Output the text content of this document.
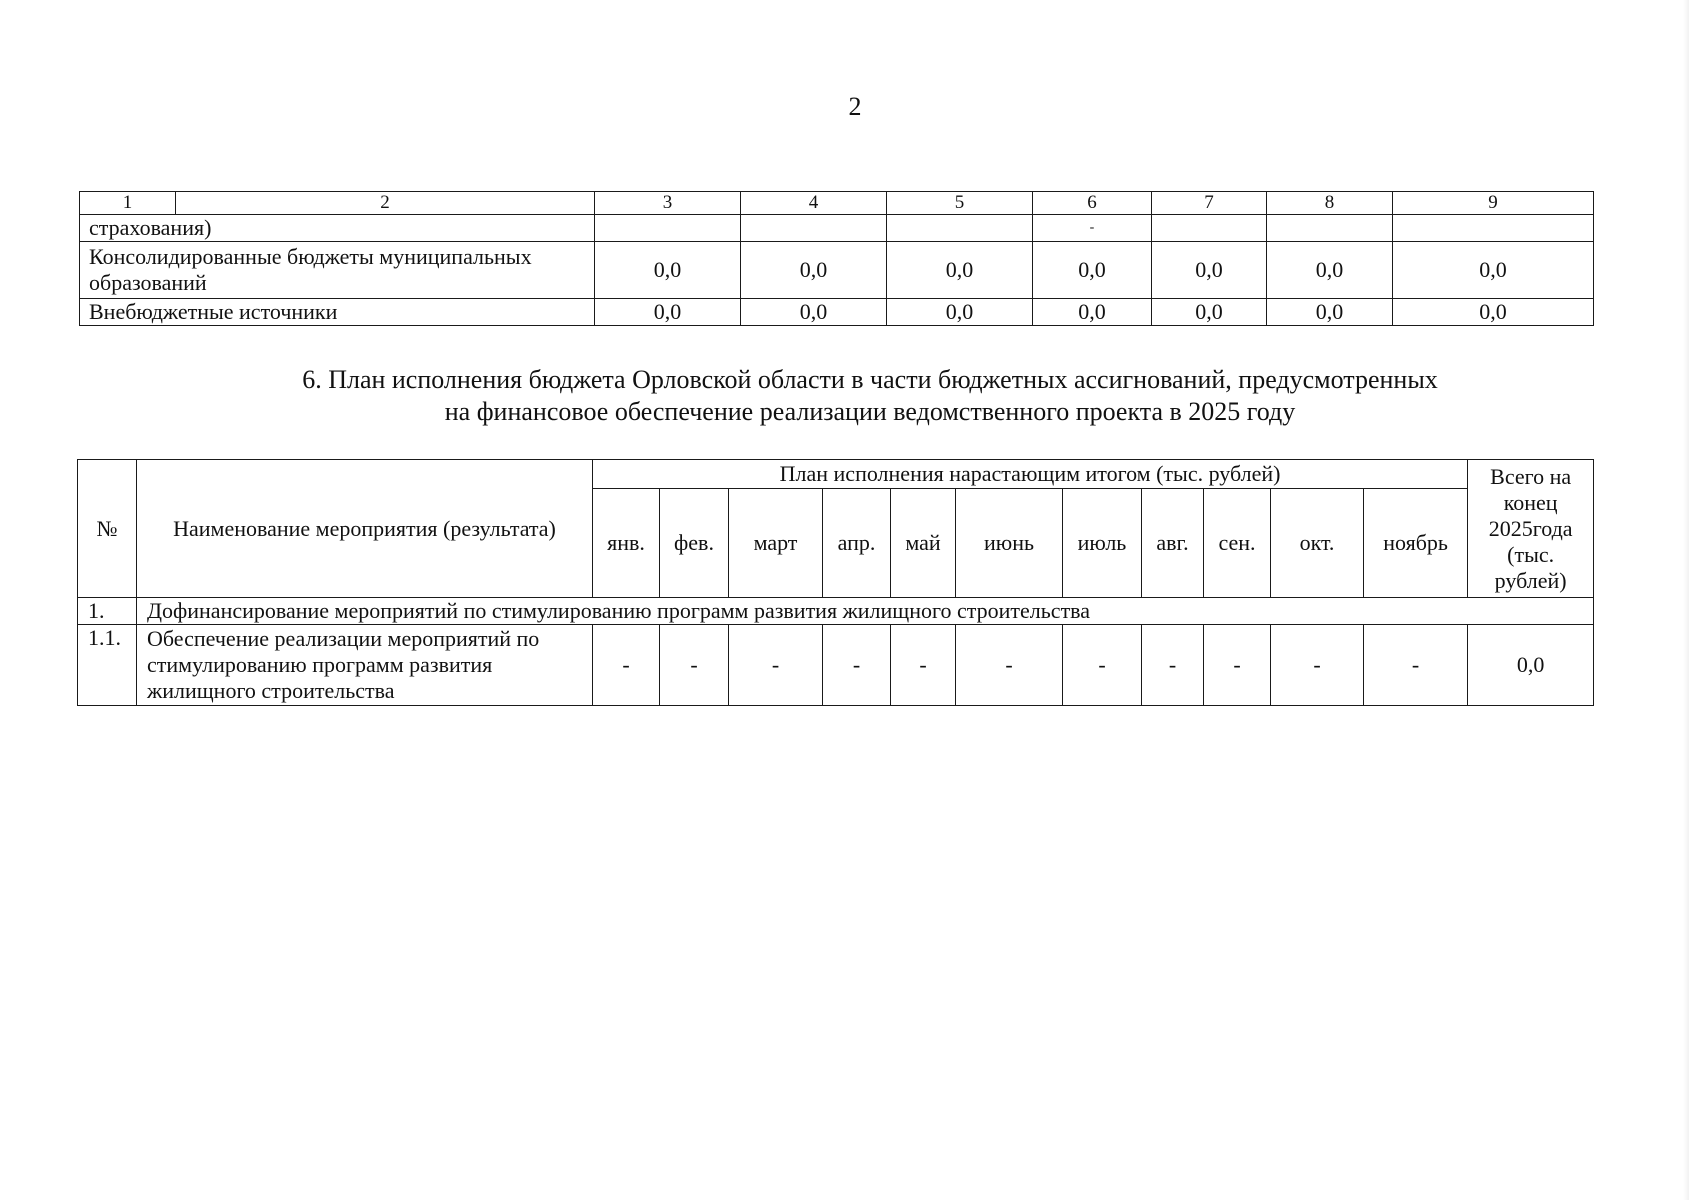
2
1	2	3	4	5	6	7	8	9
страхования)					-			
Консолидированные бюджеты муниципальных образований		0,0	0,0	0,0	0,0	0,0	0,0	0,0
Внебюджетные источники		0,0	0,0	0,0	0,0	0,0	0,0	0,0
6. План исполнения бюджета Орловской области в части бюджетных ассигнований, предусмотренных
на финансовое обеспечение реализации ведомственного проекта в 2025 году
№	Наименование мероприятия (результата)	План исполнения нарастающим итогом (тыс. рублей)											Всего на конец 2025года (тыс. рублей)
		янв.	фев.	март	апр.	май	июнь	июль	авг.	сен.	окт.	ноябрь	
1.	Дофинансирование мероприятий по стимулированию программ развития жилищного строительства												
1.1.	Обеспечение реализации мероприятий по стимулированию программ развития жилищного строительства	-	-	-	-	-	-	-	-	-	-	-	0,0
